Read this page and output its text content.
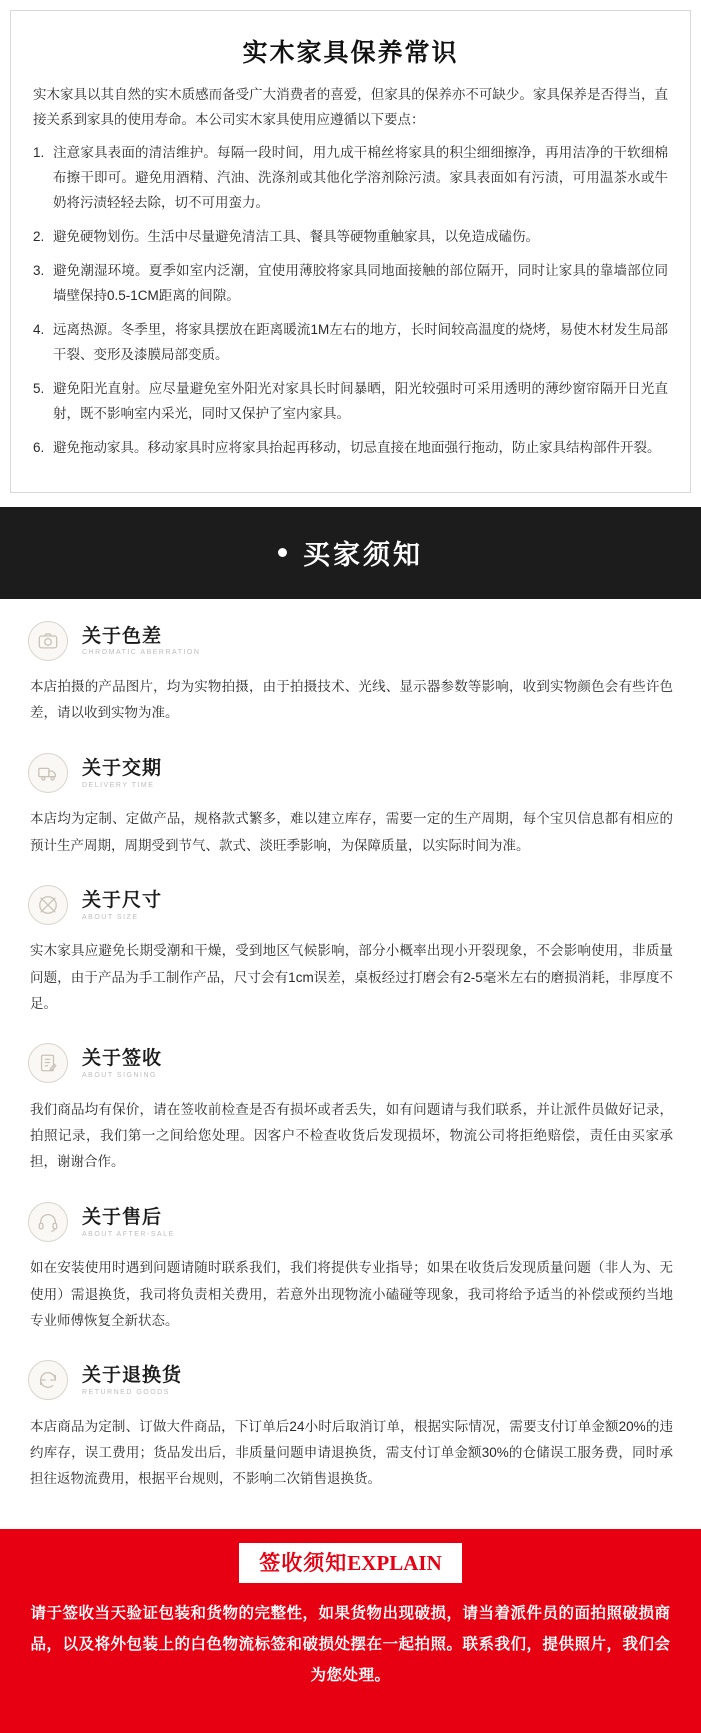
实木家具保养常识

实木家具以其自然的实木质感而备受广大消费者的喜爱，但家具的保养亦不可缺少。家具保养是否得当，直接关系到家具的使用寿命。本公司实木家具使用应遵循以下要点：

1. 注意家具表面的清洁维护。每隔一段时间，用九成干棉丝将家具的积尘细细擦净，再用洁净的干软细棉布擦干即可。避免用酒精、汽油、洗涤剂或其他化学溶剂除污渍。家具表面如有污渍，可用温茶水或牛奶将污渍轻轻去除，切不可用蛮力。
2. 避免硬物划伤。生活中尽量避免清洁工具、餐具等硬物重触家具，以免造成磕伤。
3. 避免潮湿环境。夏季如室内泛潮，宜使用薄胶将家具同地面接触的部位隔开，同时让家具的靠墙部位同墙壁保持0.5-1CM距离的间隙。
4. 远离热源。冬季里，将家具摆放在距离暖流1M左右的地方，长时间较高温度的烧烤，易使木材发生局部干裂、变形及漆膜局部变质。
5. 避免阳光直射。应尽量避免室外阳光对家具长时间暴晒，阳光较强时可采用透明的薄纱窗帘隔开日光直射，既不影响室内采光，同时又保护了室内家具。
6. 避免拖动家具。移动家具时应将家具抬起再移动，切忌直接在地面强行拖动，防止家具结构部件开裂。
买家须知
关于色差
CHROMATIC ABERRATION

本店拍摄的产品图片，均为实物拍摄，由于拍摄技术、光线、显示器参数等影响，收到实物颜色会有些许色差，请以收到实物为准。

关于交期
DELIVERY TIME

本店均为定制、定做产品，规格款式繁多，难以建立库存，需要一定的生产周期，每个宝贝信息都有相应的预计生产周期，周期受到节气、款式、淡旺季影响，为保障质量，以实际时间为准。

关于尺寸
ABOUT SIZE

实木家具应避免长期受潮和干燥，受到地区气候影响，部分小概率出现小开裂现象，不会影响使用，非质量问题，由于产品为手工制作产品，尺寸会有1cm误差，桌板经过打磨会有2-5毫米左右的磨损消耗，非厚度不足。

关于签收
ABOUT SIGNING

我们商品均有保价，请在签收前检查是否有损坏或者丢失，如有问题请与我们联系，并让派件员做好记录，拍照记录，我们第一之间给您处理。因客户不检查收货后发现损坏，物流公司将拒绝赔偿，责任由买家承担，谢谢合作。

关于售后
ABOUT AFTER-SALE

如在安装使用时遇到问题请随时联系我们，我们将提供专业指导；如果在收货后发现质量问题（非人为、无使用）需退换货，我司将负责相关费用，若意外出现物流小磕碰等现象，我司将给予适当的补偿或预约当地专业师傅恢复全新状态。

关于退换货
RETURNED GOODS

本店商品为定制、订做大件商品，下订单后24小时后取消订单，根据实际情况，需要支付订单金额20%的违约库存，误工费用；货品发出后，非质量问题申请退换货，需支付订单金额30%的仓储误工服务费，同时承担往返物流费用，根据平台规则，不影响二次销售退换货。

签收须知EXPLAIN

请于签收当天验证包装和货物的完整性，如果货物出现破损，请当着派件员的面拍照破损商品，以及将外包装上的白色物流标签和破损处摆在一起拍照。联系我们，提供照片，我们会为您处理。
